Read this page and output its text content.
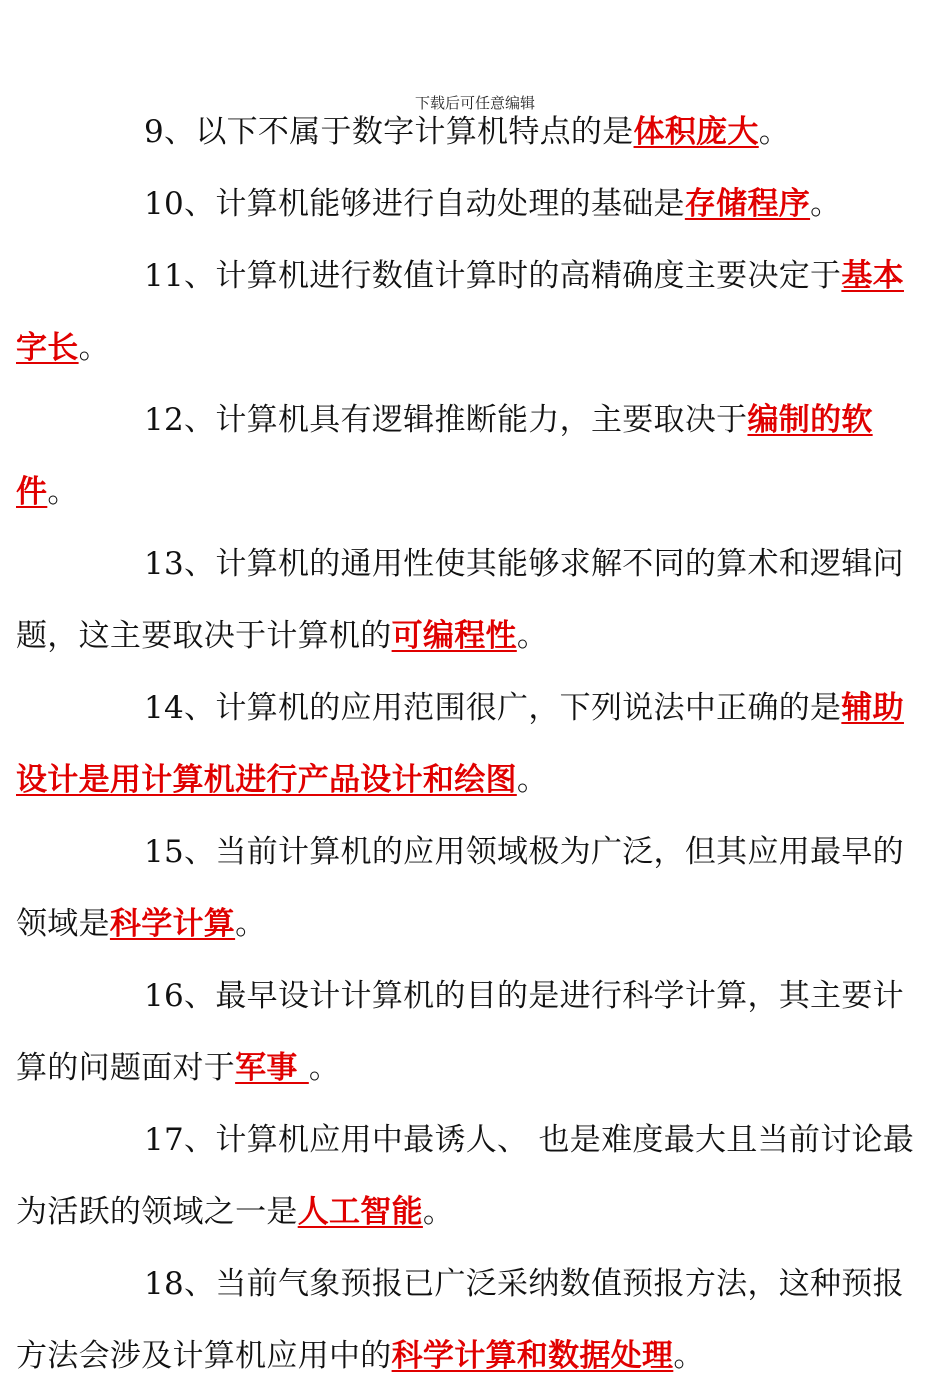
下载后可任意编辑

9、以下不属于数字计算机特点的是体积庞大。

10、计算机能够进行自动处理的基础是存储程序。

11、计算机进行数值计算时的高精确度主要决定于基本字长。

12、计算机具有逻辑推断能力，主要取决于编制的软件。

13、计算机的通用性使其能够求解不同的算术和逻辑问题，这主要取决于计算机的可编程性。

14、计算机的应用范围很广，下列说法中正确的是辅助设计是用计算机进行产品设计和绘图。

15、当前计算机的应用领域极为广泛，但其应用最早的领域是科学计算。

16、最早设计计算机的目的是进行科学计算，其主要计算的问题面对于军事 。

17、计算机应用中最诱人、 也是难度最大且当前讨论最为活跃的领域之一是人工智能。

18、当前气象预报已广泛采纳数值预报方法，这种预报方法会涉及计算机应用中的科学计算和数据处理。
